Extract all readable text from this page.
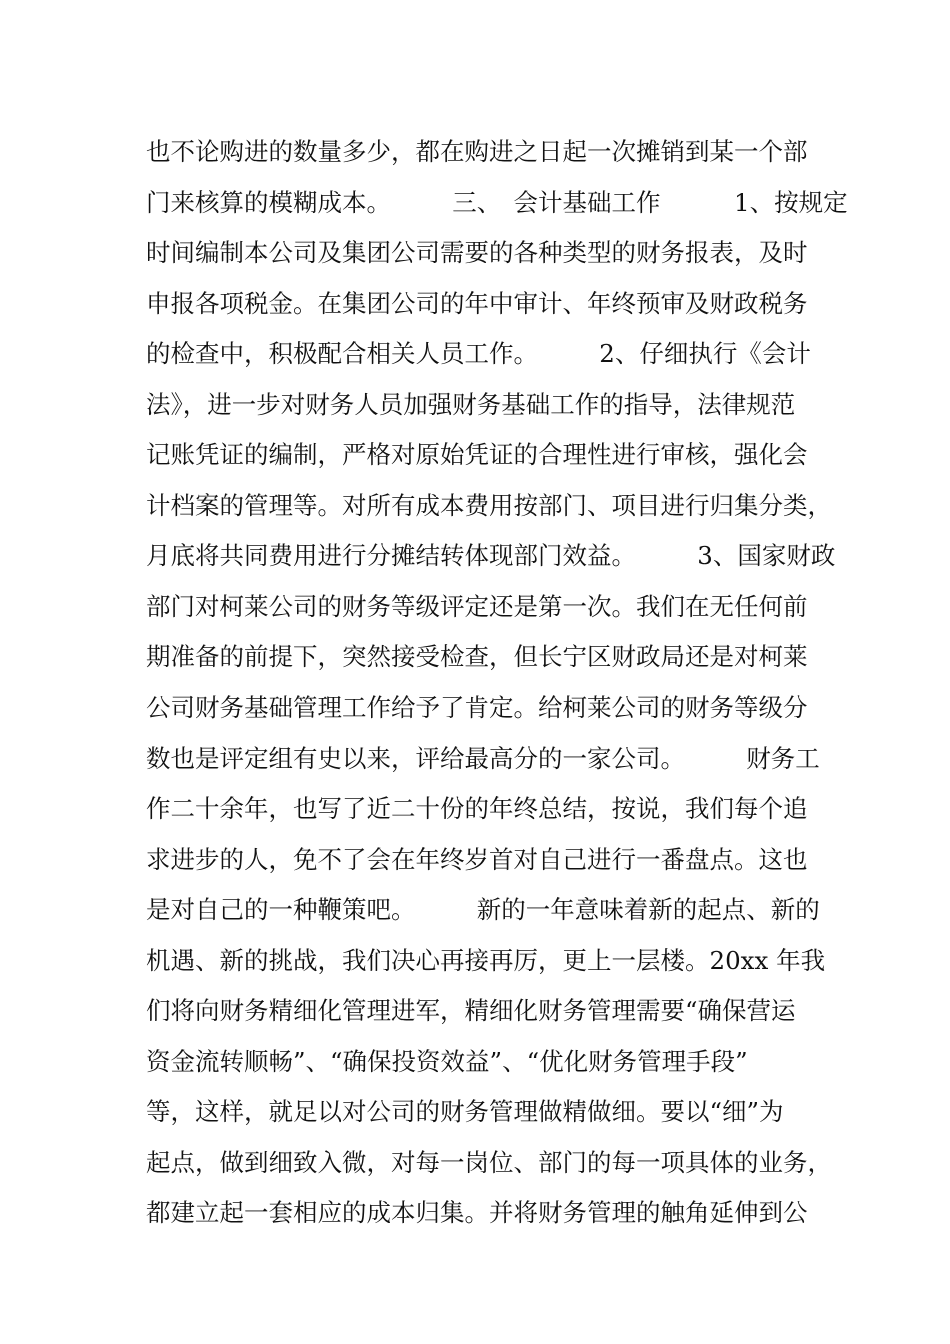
也不论购进的数量多少，都在购进之日起一次摊销到某一个部
门来核算的模糊成本。　　　三、　会计基础工作　　　1、按规定
时间编制本公司及集团公司需要的各种类型的财务报表，及时
申报各项税金。在集团公司的年中审计、年终预审及财政税务
的检查中，积极配合相关人员工作。　　　2、仔细执行《会计
法》，进一步对财务人员加强财务基础工作的指导，法律规范
记账凭证的编制，严格对原始凭证的合理性进行审核，强化会
计档案的管理等。对所有成本费用按部门、项目进行归集分类，
月底将共同费用进行分摊结转体现部门效益。　　　3、国家财政
部门对柯莱公司的财务等级评定还是第一次。我们在无任何前
期准备的前提下，突然接受检查，但长宁区财政局还是对柯莱
公司财务基础管理工作给予了肯定。给柯莱公司的财务等级分
数也是评定组有史以来，评给最高分的一家公司。　　　财务工
作二十余年，也写了近二十份的年终总结，按说，我们每个追
求进步的人，免不了会在年终岁首对自己进行一番盘点。这也
是对自己的一种鞭策吧。　　　新的一年意味着新的起点、新的
机遇、新的挑战，我们决心再接再厉，更上一层楼。20xx 年我
们将向财务精细化管理进军，精细化财务管理需要“确保营运
资金流转顺畅”、“确保投资效益”、“优化财务管理手段”
等，这样，就足以对公司的财务管理做精做细。要以“细”为
起点，做到细致入微，对每一岗位、部门的每一项具体的业务，
都建立起一套相应的成本归集。并将财务管理的触角延伸到公
